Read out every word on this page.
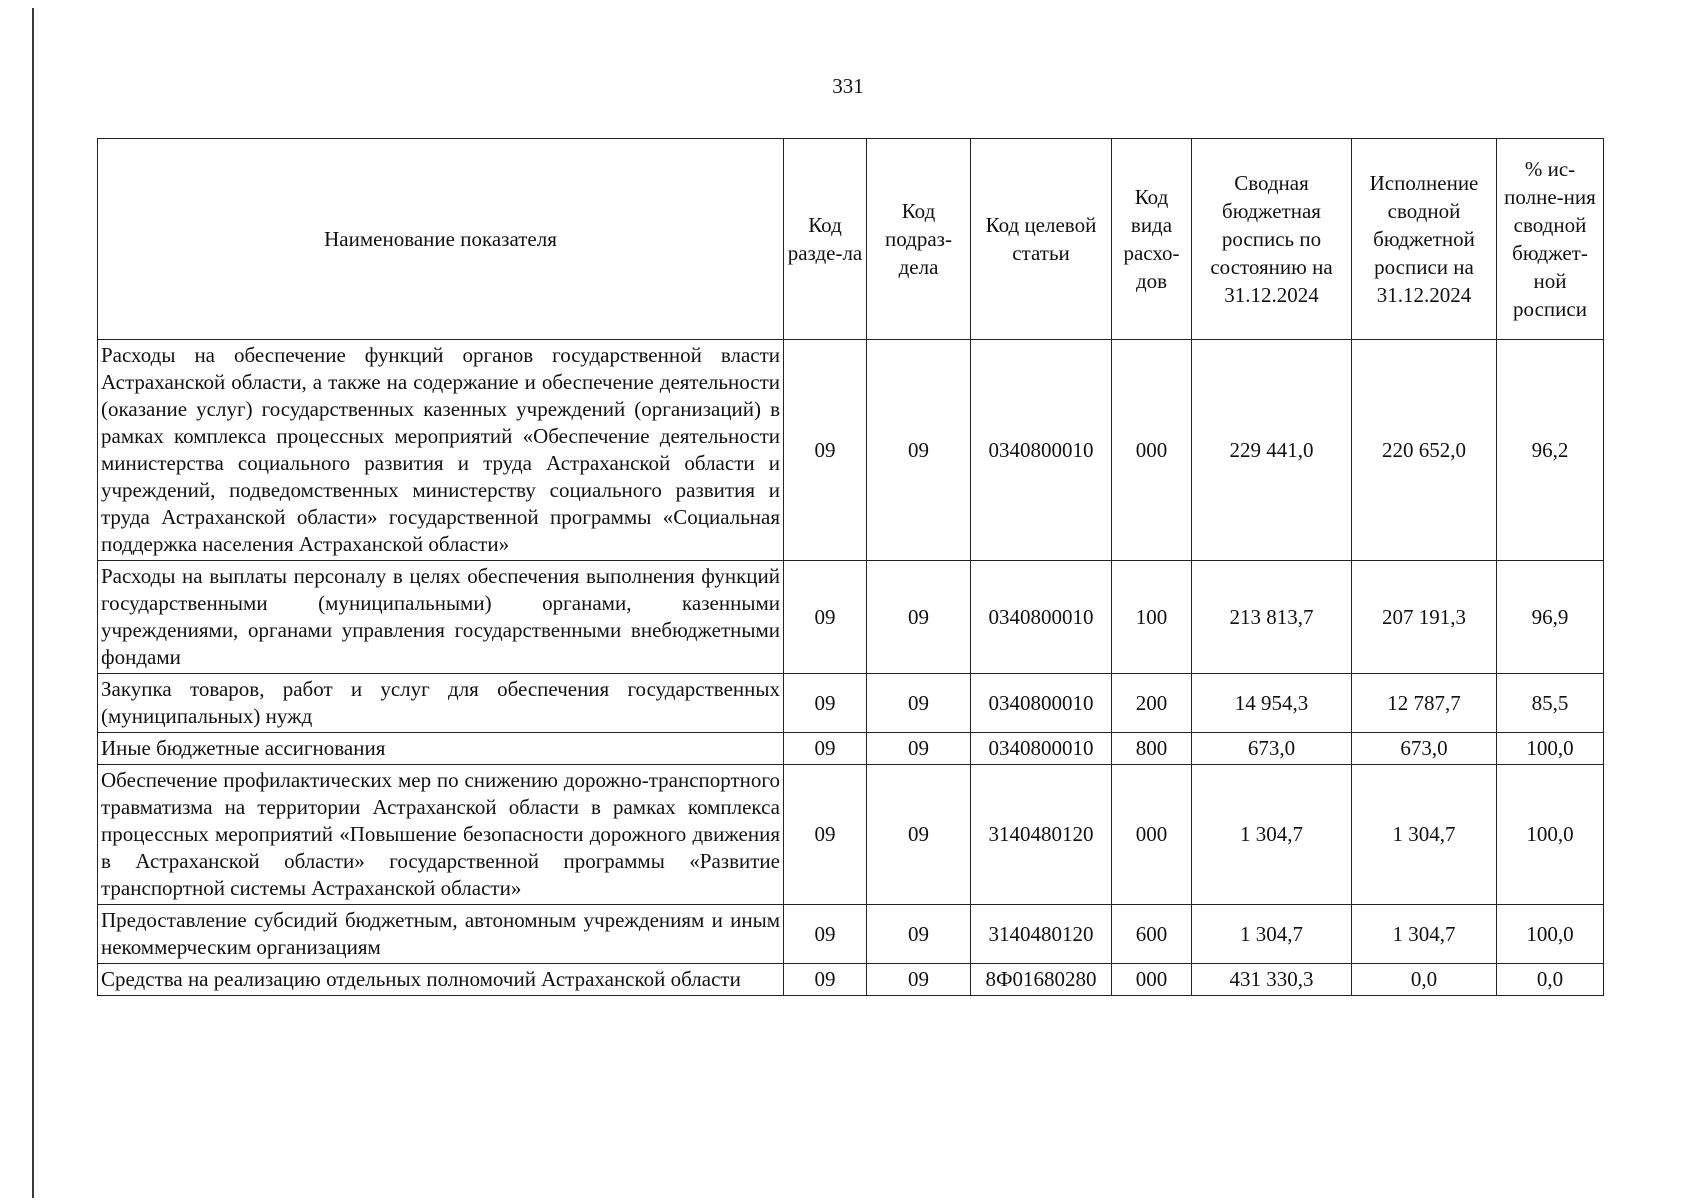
331
Наименование показателя	Код разде-ла	Код подраз-дела	Код целевой статьи	Код вида расхо-дов	Сводная бюджетная роспись по состоянию на 31.12.2024	Исполнение сводной бюджетной росписи на 31.12.2024	% ис-полне-ния сводной бюджет-ной росписи
Расходы на обеспечение функций органов государственной власти Астраханской области, а также на содержание и обеспечение деятельности (оказание услуг) государственных казенных учреждений (организаций) в рамках комплекса процессных мероприятий «Обеспечение деятельности министерства социального развития и труда Астраханской области и учреждений, подведомственных министерству социального развития и труда Астраханской области» государственной программы «Социальная поддержка населения Астраханской области»	09	09	0340800010	000	229 441,0	220 652,0	96,2
Расходы на выплаты персоналу в целях обеспечения выполнения функций государственными (муниципальными) органами, казенными учреждениями, органами управления государственными внебюджетными фондами	09	09	0340800010	100	213 813,7	207 191,3	96,9
Закупка товаров, работ и услуг для обеспечения государственных (муниципальных) нужд	09	09	0340800010	200	14 954,3	12 787,7	85,5
Иные бюджетные ассигнования	09	09	0340800010	800	673,0	673,0	100,0
Обеспечение профилактических мер по снижению дорожно-транспортного травматизма на территории Астраханской области в рамках комплекса процессных мероприятий «Повышение безопасности дорожного движения в Астраханской области» государственной программы «Развитие транспортной системы Астраханской области»	09	09	3140480120	000	1 304,7	1 304,7	100,0
Предоставление субсидий бюджетным, автономным учреждениям и иным некоммерческим организациям	09	09	3140480120	600	1 304,7	1 304,7	100,0
Средства на реализацию отдельных полномочий Астраханской области	09	09	8Ф01680280	000	431 330,3	0,0	0,0
